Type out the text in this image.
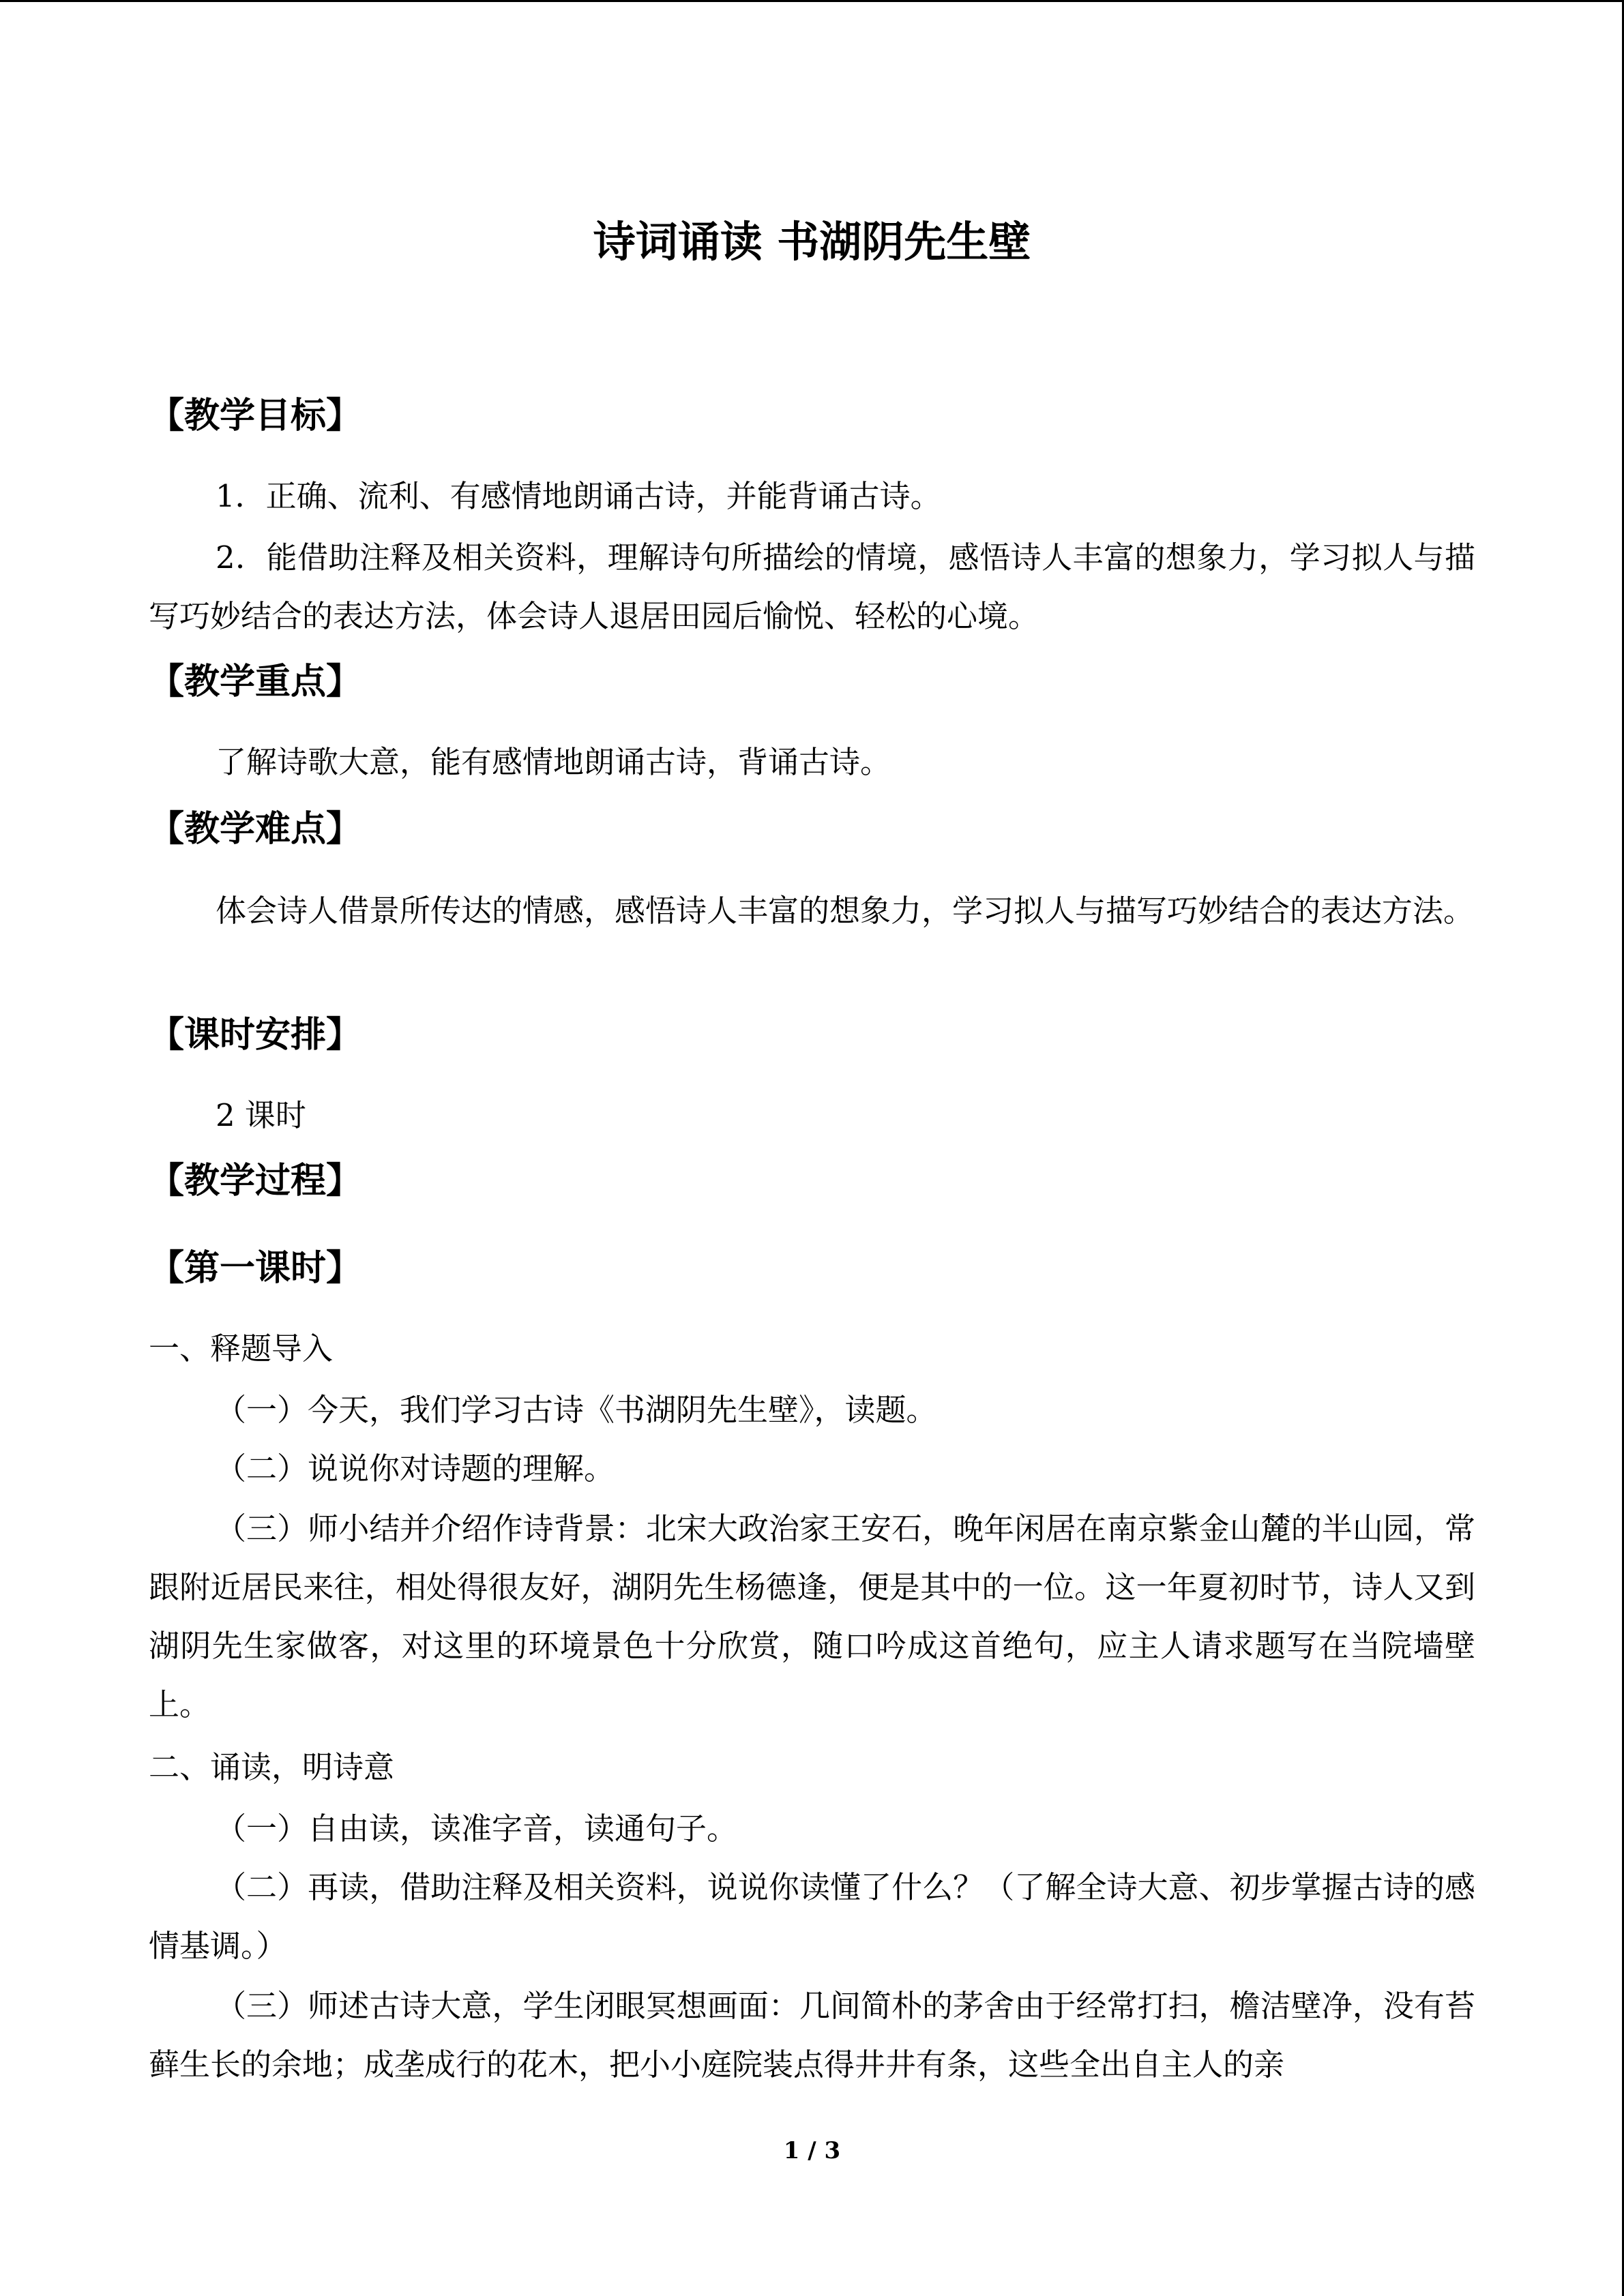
诗词诵读 书湖阴先生壁
【教学目标】

1．正确、流利、有感情地朗诵古诗，并能背诵古诗。

2．能借助注释及相关资料，理解诗句所描绘的情境，感悟诗人丰富的想象力，学习拟人与描写巧妙结合的表达方法，体会诗人退居田园后愉悦、轻松的心境。

【教学重点】

了解诗歌大意，能有感情地朗诵古诗，背诵古诗。

【教学难点】

体会诗人借景所传达的情感，感悟诗人丰富的想象力，学习拟人与描写巧妙结合的表达方法。

【课时安排】

2 课时

【教学过程】
【第一课时】

一、释题导入

（一）今天，我们学习古诗《书湖阴先生壁》，读题。

（二）说说你对诗题的理解。

（三）师小结并介绍作诗背景：北宋大政治家王安石，晚年闲居在南京紫金山麓的半山园，常跟附近居民来往，相处得很友好，湖阴先生杨德逢，便是其中的一位。这一年夏初时节，诗人又到湖阴先生家做客，对这里的环境景色十分欣赏，随口吟成这首绝句，应主人请求题写在当院墙壁上。

二、诵读，明诗意

（一）自由读，读准字音，读通句子。

（二）再读，借助注释及相关资料，说说你读懂了什么？（了解全诗大意、初步掌握古诗的感情基调。）

（三）师述古诗大意，学生闭眼冥想画面：几间简朴的茅舍由于经常打扫，檐洁壁净，没有苔藓生长的余地；成垄成行的花木，把小小庭院装点得井井有条，这些全出自主人的亲

1 / 3
